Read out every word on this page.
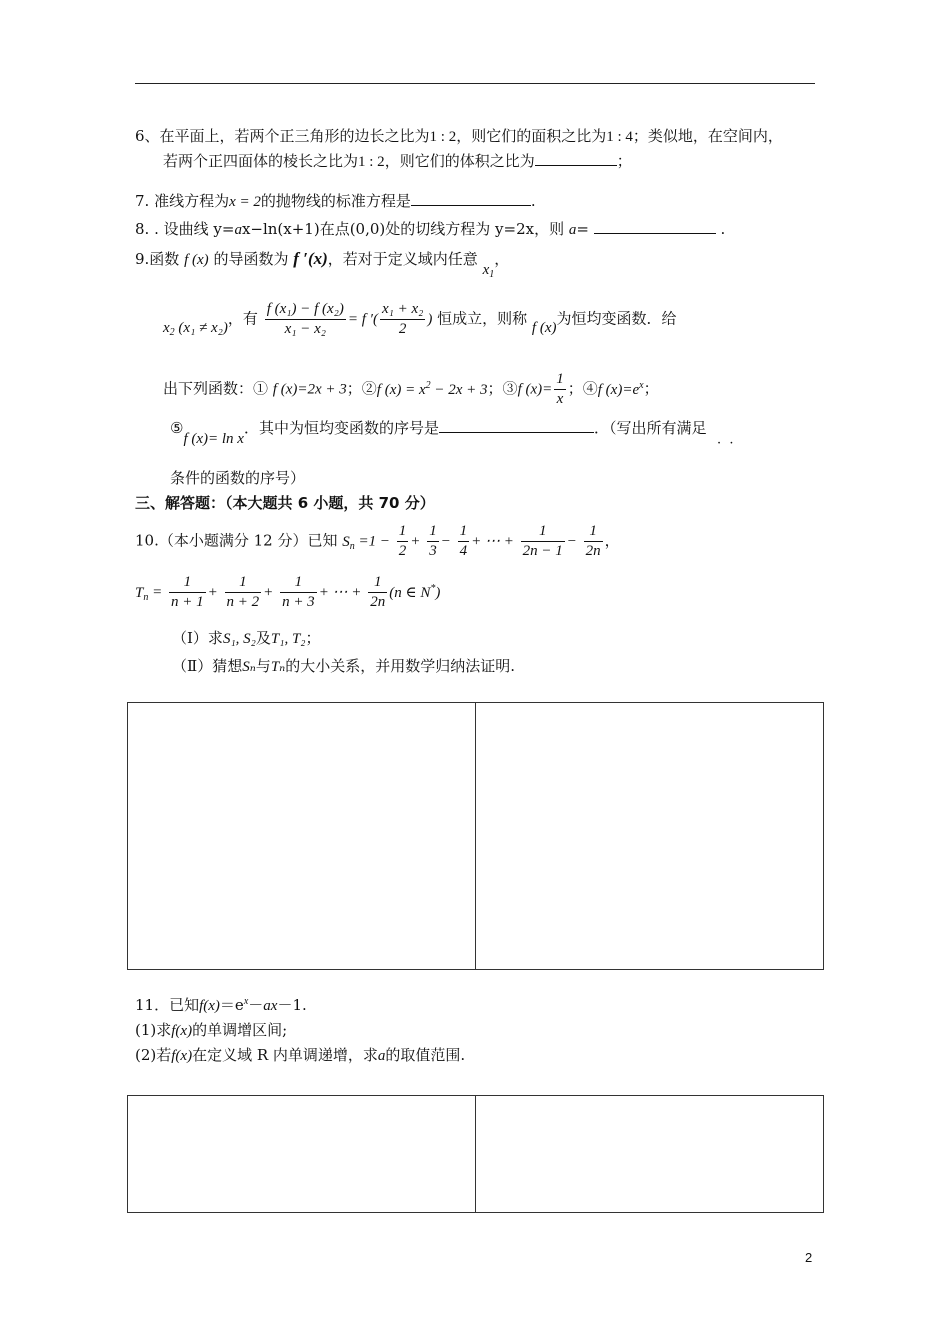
6、在平面上，若两个正三角形的边长之比为1 : 2，则它们的面积之比为1 : 4；类似地，在空间内，
若两个正四面体的棱长之比为1 : 2，则它们的体积之比为	；
7. 准线方程为x = 2的抛物线的标准方程是	.
8. . 设曲线 y=ax−ln(x+1)在点(0,0)处的切线方程为 y=2x，则 a=	.
9.函数 f (x) 的导函数为 f ′(x)，若对于定义域内任意 $x_1$，
$x_2$ (x₁ ≠ x₂)，有 $\frac{\text{f (x₁) − f (x₂)}}{\text{x₁ − x₂}} = f$ ′( $\frac{\text{x₁ + x₂}}{2}$ ) 恒成立，则称 f (x)为恒均变函数．给
出下列函数：① f (x)=2x + 3；②f $(x) = x^2 - 2x + 3$；③f $(x)= \frac{1}{x}$ ；④f $(x)=e^x$；
⑤f (x)= ln x．其中为恒均变函数的序号是	．（写出所有满足
·  ·
条件的函数的序号）
三、解答题：（本大题共 6 小题，共 70 分）
10.（本小题满分 12 分）已知 $S_n =1 - \frac{1}{2} + \frac{1}{3} - \frac{1}{4}$ + ⋯ + $\frac{1}{2n - 1} - \frac{1}{2n}$ ，
$T_n = \frac{1}{n + 1} + \frac{1}{n + 2} + \frac{1}{n + 3}$ + ⋯ + $\frac{1}{2n} (n$ ∈ N*)
（Ⅰ）求S₁, S₂及T₁, T₂；
（Ⅱ）猜想Sₙ与Tₙ的大小关系，并用数学归纳法证明.
11．已知$f(x)=e^x-ax-1$.
(1)求f(x)的单调增区间;
(2)若f(x)在定义域 R 内单调递增，求a的取值范围.
2
